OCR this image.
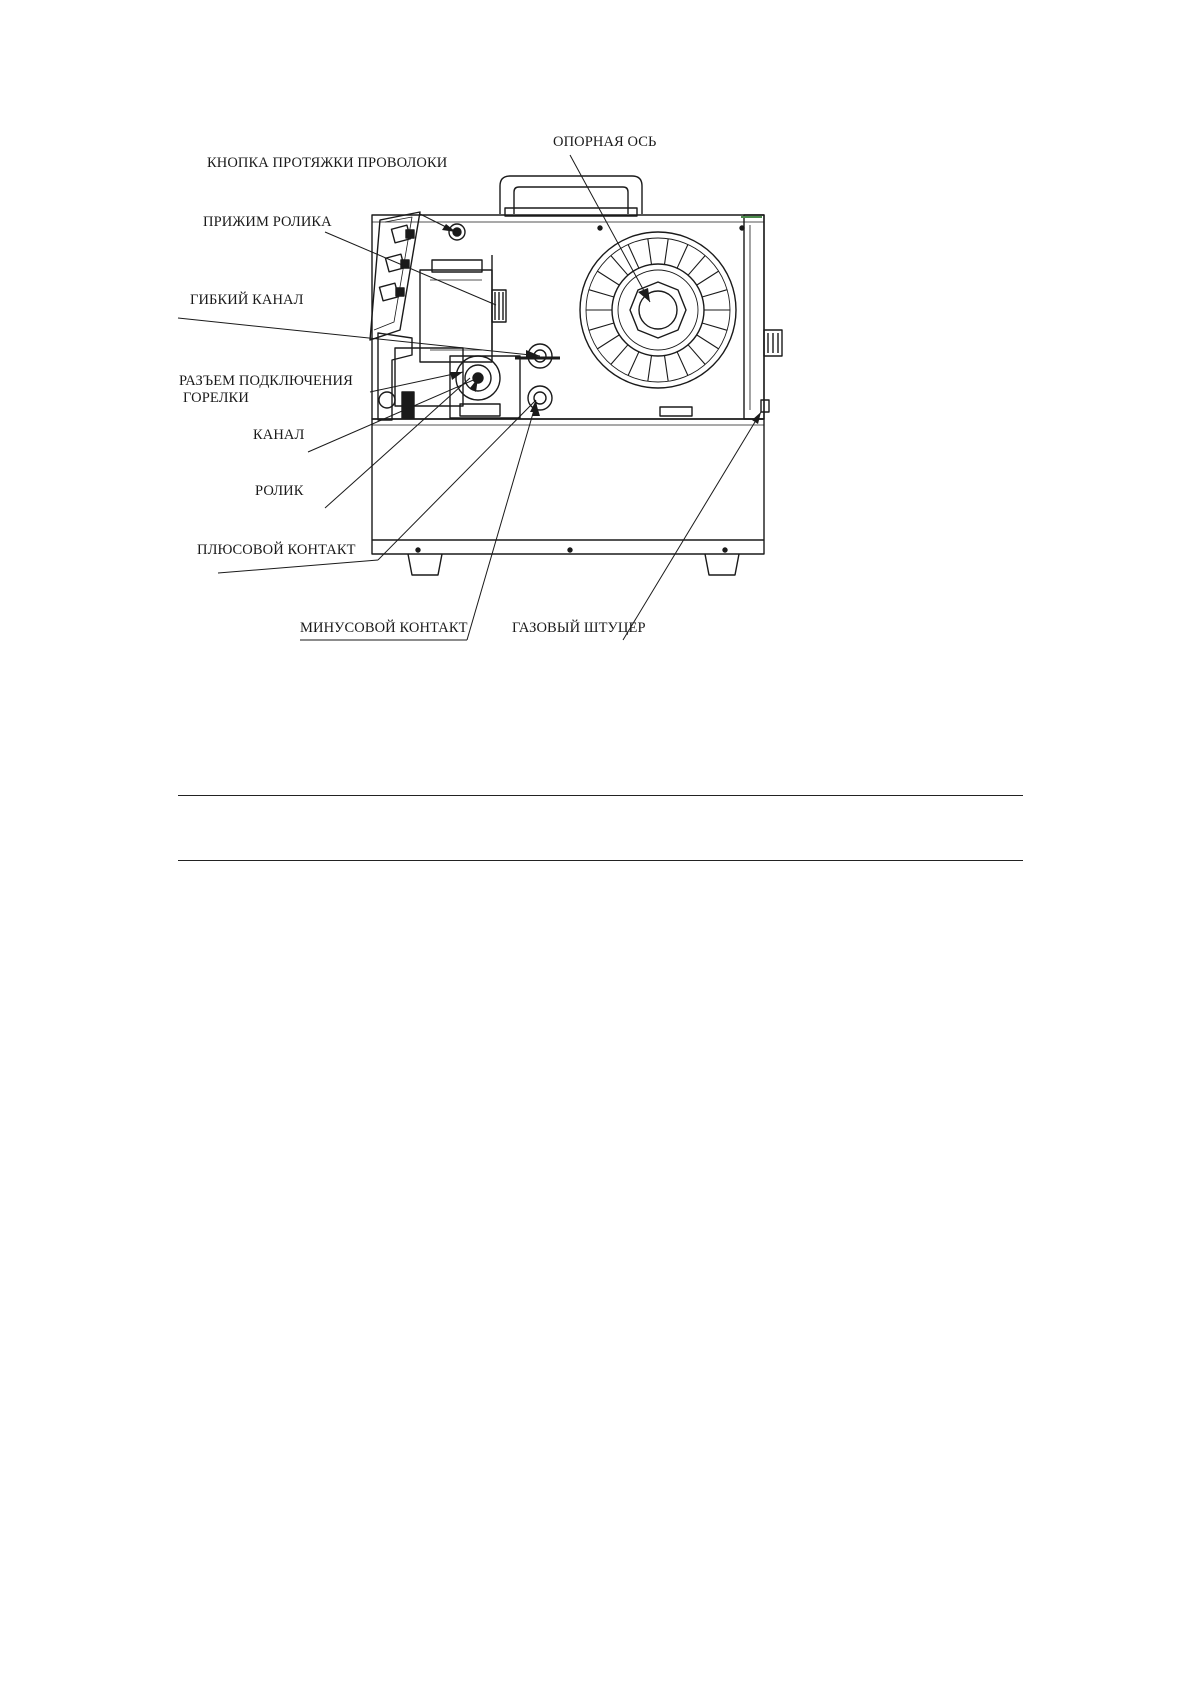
ОПОРНАЯ ОСЬ
КНОПКА ПРОТЯЖКИ ПРОВОЛОКИ
ПРИЖИМ РОЛИКА
ГИБКИЙ КАНАЛ
РАЗЪЕМ ПОДКЛЮЧЕНИЯ
ГОРЕЛКИ
КАНАЛ
РОЛИК
ПЛЮСОВОЙ КОНТАКТ
МИНУСОВОЙ КОНТАКТ	ГАЗОВЫЙ ШТУЦЕР
